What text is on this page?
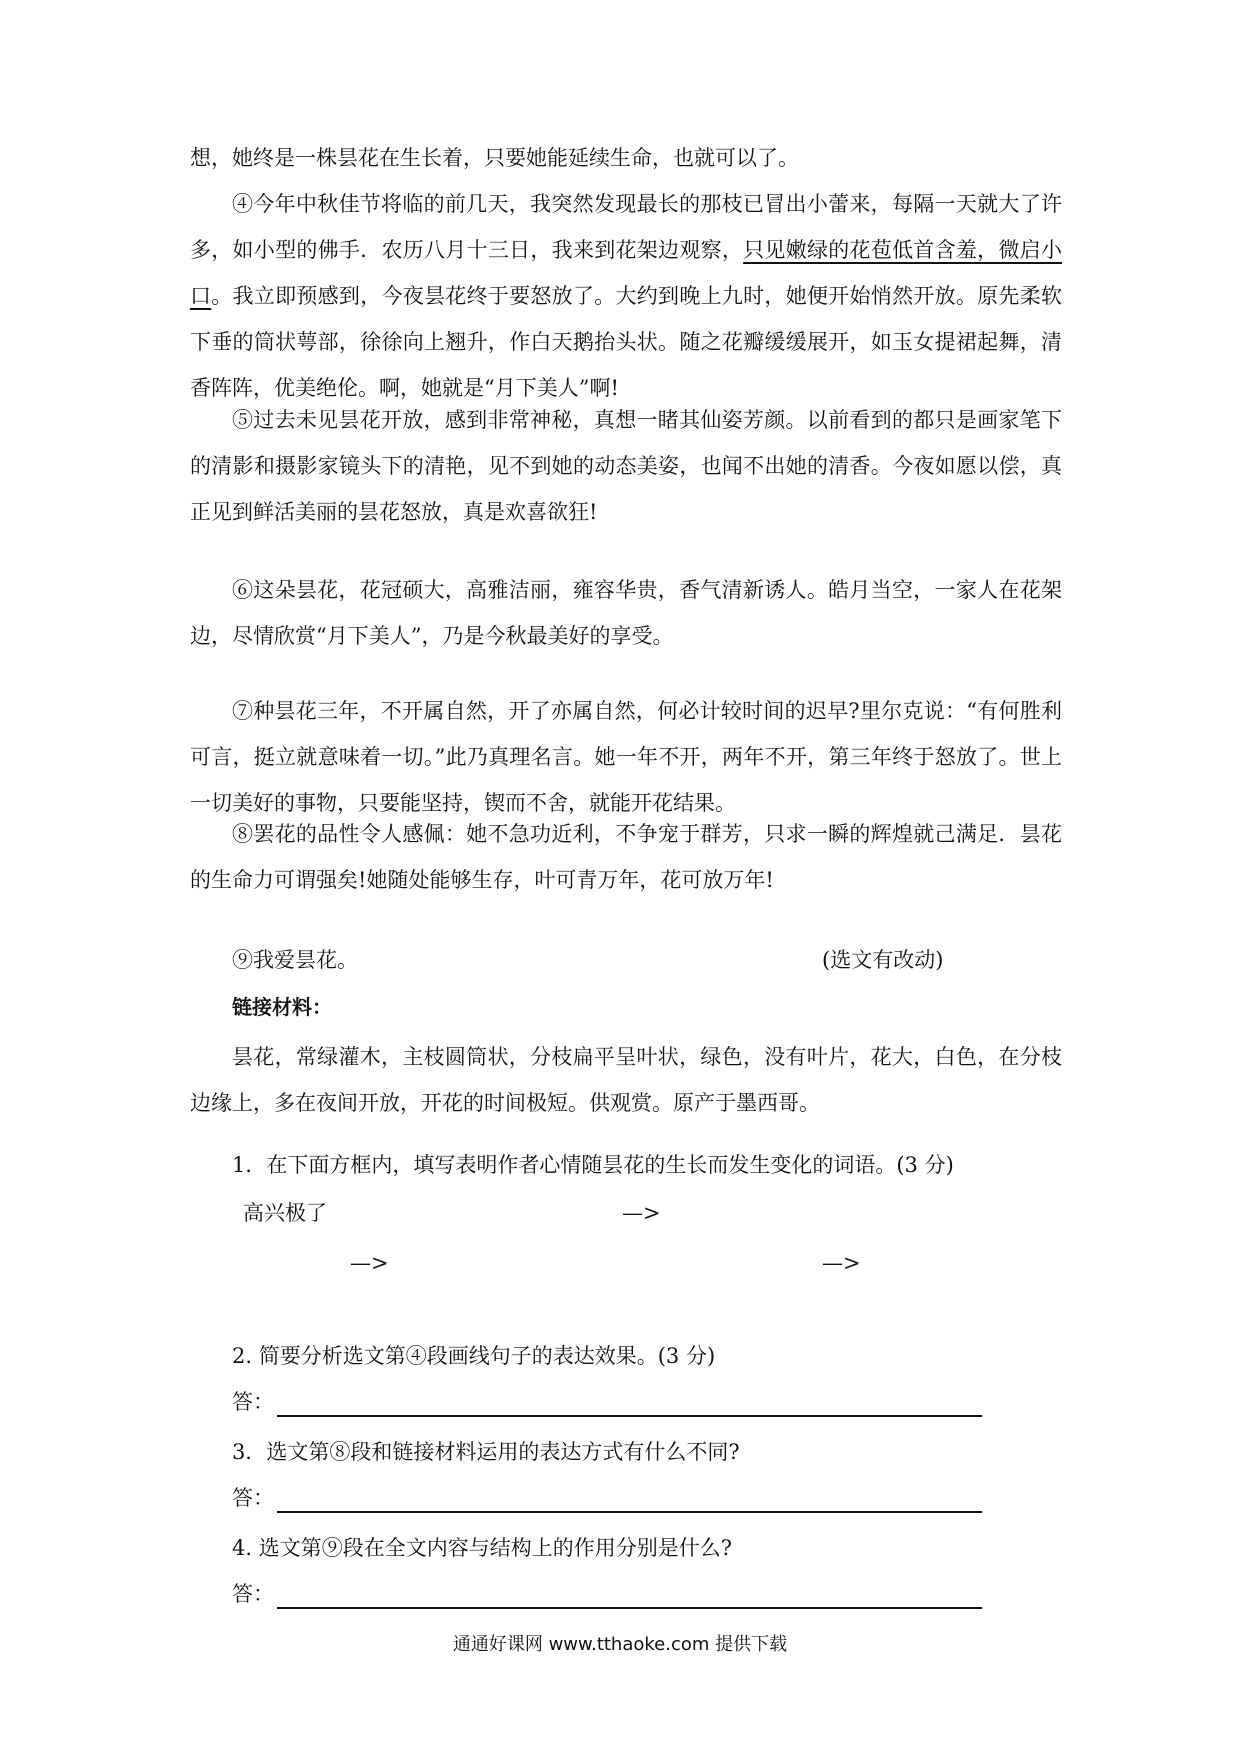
想，她终是一株昙花在生长着，只要她能延续生命，也就可以了。

④今年中秋佳节将临的前几天，我突然发现最长的那枝已冒出小蕾来，每隔一天就大了许多，如小型的佛手．农历八月十三日，我来到花架边观察，只见嫩绿的花苞低首含羞，微启小口。我立即预感到，今夜昙花终于要怒放了。大约到晚上九时，她便开始悄然开放。原先柔软下垂的筒状萼部，徐徐向上翘升，作白天鹅抬头状。随之花瓣缓缓展开，如玉女提裙起舞，清香阵阵，优美绝伦。啊，她就是“月下美人”啊!

⑤过去未见昙花开放，感到非常神秘，真想一睹其仙姿芳颜。以前看到的都只是画家笔下的清影和摄影家镜头下的清艳，见不到她的动态美姿，也闻不出她的清香。今夜如愿以偿，真正见到鲜活美丽的昙花怒放，真是欢喜欲狂!

⑥这朵昙花，花冠硕大，高雅洁丽，雍容华贵，香气清新诱人。皓月当空，一家人在花架边，尽情欣赏“月下美人”，乃是今秋最美好的享受。

⑦种昙花三年，不开属自然，开了亦属自然，何必计较时间的迟早?里尔克说：“有何胜利可言，挺立就意味着一切。”此乃真理名言。她一年不开，两年不开，第三年终于怒放了。世上一切美好的事物，只要能坚持，锲而不舍，就能开花结果。

⑧罢花的品性令人感佩：她不急功近利，不争宠于群芳，只求一瞬的辉煌就己满足．昙花的生命力可谓强矣!她随处能够生存，叶可青万年，花可放万年!

⑨我爱昙花。	(选文有改动)
链接材料：

昙花，常绿灌木，主枝圆筒状，分枝扁平呈叶状，绿色，没有叶片，花大，白色，在分枝边缘上，多在夜间开放，开花的时间极短。供观赏。原产于墨西哥。

1．在下面方框内，填写表明作者心情随昙花的生长而发生变化的词语。(3 分)
高兴极了	—>
—>	—>
2. 简要分析选文第④段画线句子的表达效果。(3 分)
答：
3．选文第⑧段和链接材料运用的表达方式有什么不同?
答：
4. 选文第⑨段在全文内容与结构上的作用分别是什么?
答：
通通好课网 www.tthaoke.com 提供下载
